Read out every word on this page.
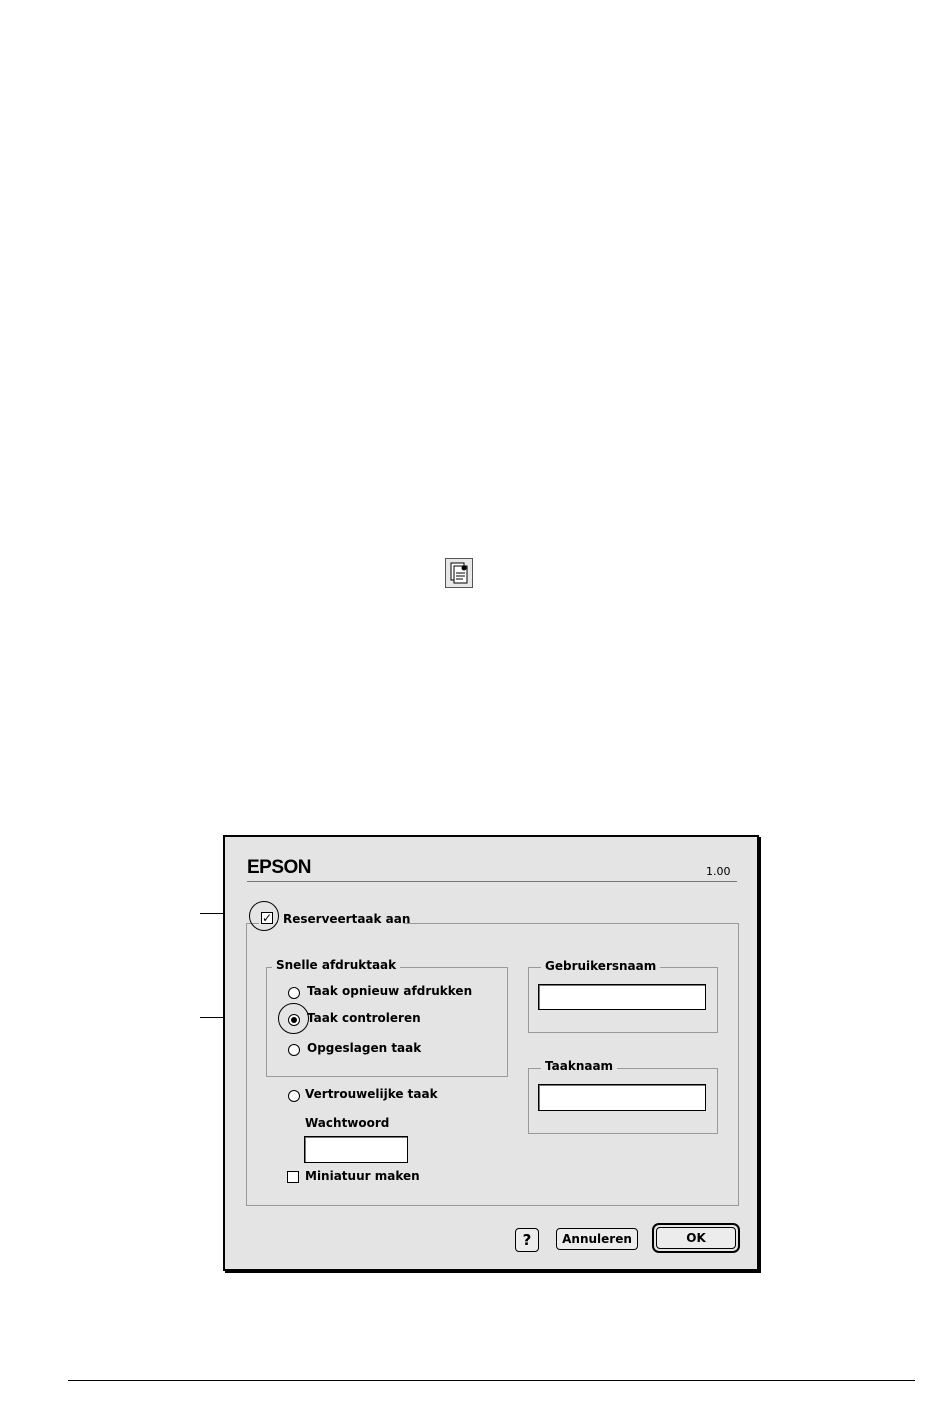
EPSON	1.00
✓ Reserveertaak aan
Snelle afdruktaak
Taak opnieuw afdrukken
Taak controleren
Opgeslagen taak
Vertrouwelijke taak
Wachtwoord
Miniatuur maken
Gebruikersnaam
Taaknaam
?	Annuleren	OK
